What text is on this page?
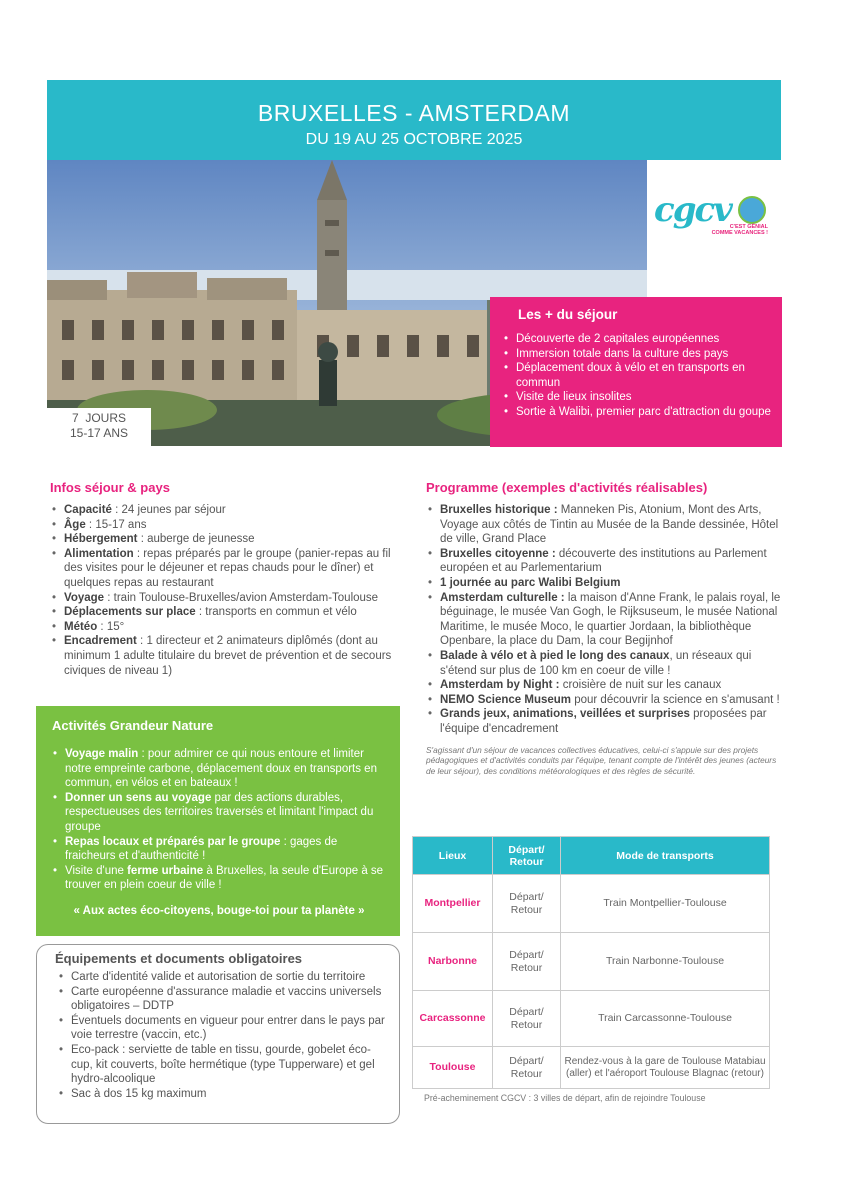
BRUXELLES - AMSTERDAM
DU 19 AU 25 OCTOBRE 2025
cgcv
C'EST GÉNIAL
COMME VACANCES !
7  JOURS
15-17 ANS
Les + du séjour
• Découverte de 2 capitales européennes
• Immersion totale dans la culture des pays
• Déplacement doux à vélo et en transports en commun
• Visite de lieux insolites
• Sortie à Walibi, premier parc d'attraction du goupe
Infos séjour & pays
• Capacité : 24 jeunes par séjour
• Âge : 15-17 ans
• Hébergement : auberge de jeunesse
• Alimentation : repas préparés par le groupe (panier-repas au fil des visites pour le déjeuner et repas chauds pour le dîner) et quelques repas au restaurant
• Voyage : train Toulouse-Bruxelles/avion Amsterdam-Toulouse
• Déplacements sur place : transports en commun et vélo
• Météo : 15°
• Encadrement : 1 directeur et 2 animateurs diplômés (dont au minimum 1 adulte titulaire du brevet de prévention et de secours civiques de niveau 1)
Programme (exemples d'activités réalisables)
• Bruxelles historique : Manneken Pis, Atonium, Mont des Arts, Voyage aux côtés de Tintin au Musée de la Bande dessinée, Hôtel de ville, Grand Place
• Bruxelles citoyenne : découverte des institutions au Parlement européen et au Parlementarium
• 1 journée au parc Walibi Belgium
• Amsterdam culturelle : la maison d'Anne Frank, le palais royal, le béguinage, le musée Van Gogh, le Rijksuseum, le musée National Maritime, le musée Moco, le quartier Jordaan, la bibliothèque Openbare, la place du Dam, la cour Begijnhof
• Balade à vélo et à pied le long des canaux, un réseaux qui s'étend sur plus de 100 km en coeur de ville !
• Amsterdam by Night : croisière de nuit sur les canaux
• NEMO Science Museum pour découvrir la science en s'amusant !
• Grands jeux, animations, veillées et surprises proposées par l'équipe d'encadrement
S'agissant d'un séjour de vacances collectives éducatives, celui-ci s'appuie sur des projets pédagogiques et d'activités conduits par l'équipe, tenant compte de l'intérêt des jeunes (acteurs de leur séjour), des conditions météorologiques et des règles de sécurité.
Activités Grandeur Nature
• Voyage malin : pour admirer ce qui nous entoure et limiter notre empreinte carbone, déplacement doux en transports en commun, en vélos et en bateaux !
• Donner un sens au voyage par des actions durables, respectueuses des territoires traversés et limitant l'impact du groupe
• Repas locaux et préparés par le groupe : gages de fraicheurs et d'authenticité !
• Visite d'une ferme urbaine à Bruxelles, la seule d'Europe à se trouver en plein coeur de ville !
« Aux actes éco-citoyens, bouge-toi pour ta planète »
Équipements et documents obligatoires
• Carte d'identité valide et autorisation de sortie du territoire
• Carte européenne d'assurance maladie et vaccins universels obligatoires – DDTP
• Éventuels documents en vigueur pour entrer dans le pays par voie terrestre (vaccin, etc.)
• Eco-pack : serviette de table en tissu, gourde, gobelet éco-cup, kit couverts, boîte hermétique (type Tupperware) et gel hydro-alcoolique
• Sac à dos 15 kg maximum
Lieux	Départ/ Retour	Mode de transports
Montpellier	Départ/ Retour	Train Montpellier-Toulouse
Narbonne	Départ/ Retour	Train Narbonne-Toulouse
Carcassonne	Départ/ Retour	Train Carcassonne-Toulouse
Toulouse	Départ/ Retour	Rendez-vous à la gare de Toulouse Matabiau (aller) et l'aéroport Toulouse Blagnac (retour)
Pré-acheminement CGCV : 3 villes de départ, afin de rejoindre Toulouse
